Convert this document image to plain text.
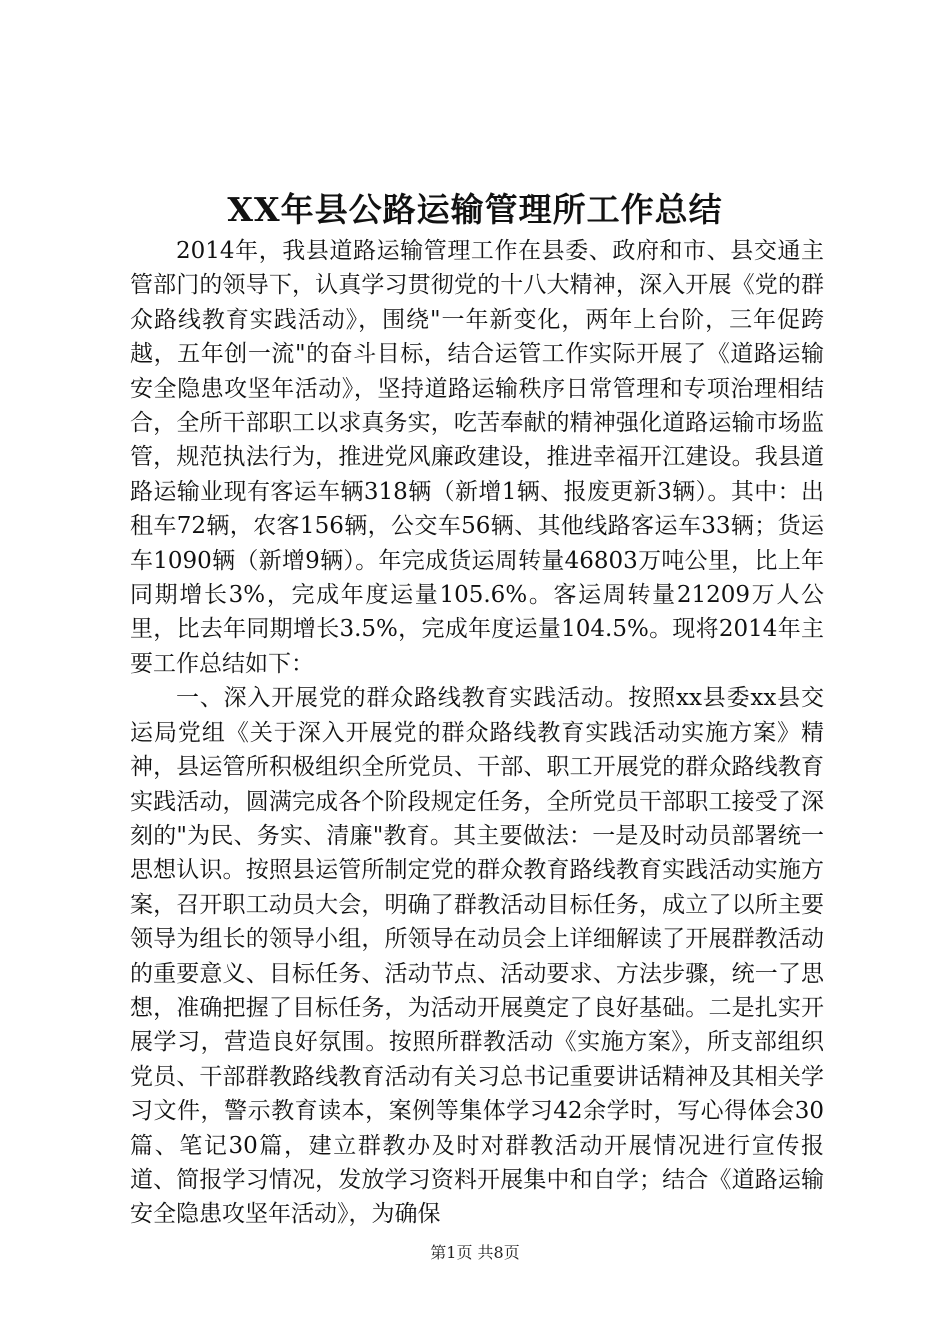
XX年县公路运输管理所工作总结

2014年，我县道路运输管理工作在县委、政府和市、县交通主管部门的领导下，认真学习贯彻党的十八大精神，深入开展《党的群众路线教育实践活动》，围绕"一年新变化，两年上台阶，三年促跨越，五年创一流"的奋斗目标，结合运管工作实际开展了《道路运输安全隐患攻坚年活动》，坚持道路运输秩序日常管理和专项治理相结合，全所干部职工以求真务实，吃苦奉献的精神强化道路运输市场监管，规范执法行为，推进党风廉政建设，推进幸福开江建设。我县道路运输业现有客运车辆318辆（新增1辆、报废更新3辆）。其中：出租车72辆，农客156辆，公交车56辆、其他线路客运车33辆；货运车1090辆（新增9辆）。年完成货运周转量46803万吨公里，比上年同期增长3%，完成年度运量105.6%。客运周转量21209万人公里，比去年同期增长3.5%，完成年度运量104.5%。现将2014年主要工作总结如下：

一、深入开展党的群众路线教育实践活动。按照xx县委xx县交运局党组《关于深入开展党的群众路线教育实践活动实施方案》精神，县运管所积极组织全所党员、干部、职工开展党的群众路线教育实践活动，圆满完成各个阶段规定任务，全所党员干部职工接受了深刻的"为民、务实、清廉"教育。其主要做法：一是及时动员部署统一思想认识。按照县运管所制定党的群众教育路线教育实践活动实施方案，召开职工动员大会，明确了群教活动目标任务，成立了以所主要领导为组长的领导小组，所领导在动员会上详细解读了开展群教活动的重要意义、目标任务、活动节点、活动要求、方法步骤，统一了思想，准确把握了目标任务，为活动开展奠定了良好基础。二是扎实开展学习，营造良好氛围。按照所群教活动《实施方案》，所支部组织党员、干部群教路线教育活动有关习总书记重要讲话精神及其相关学习文件，警示教育读本，案例等集体学习42余学时，写心得体会30篇、笔记30篇，建立群教办及时对群教活动开展情况进行宣传报道、简报学习情况，发放学习资料开展集中和自学；结合《道路运输安全隐患攻坚年活动》，为确保

第1页 共8页
